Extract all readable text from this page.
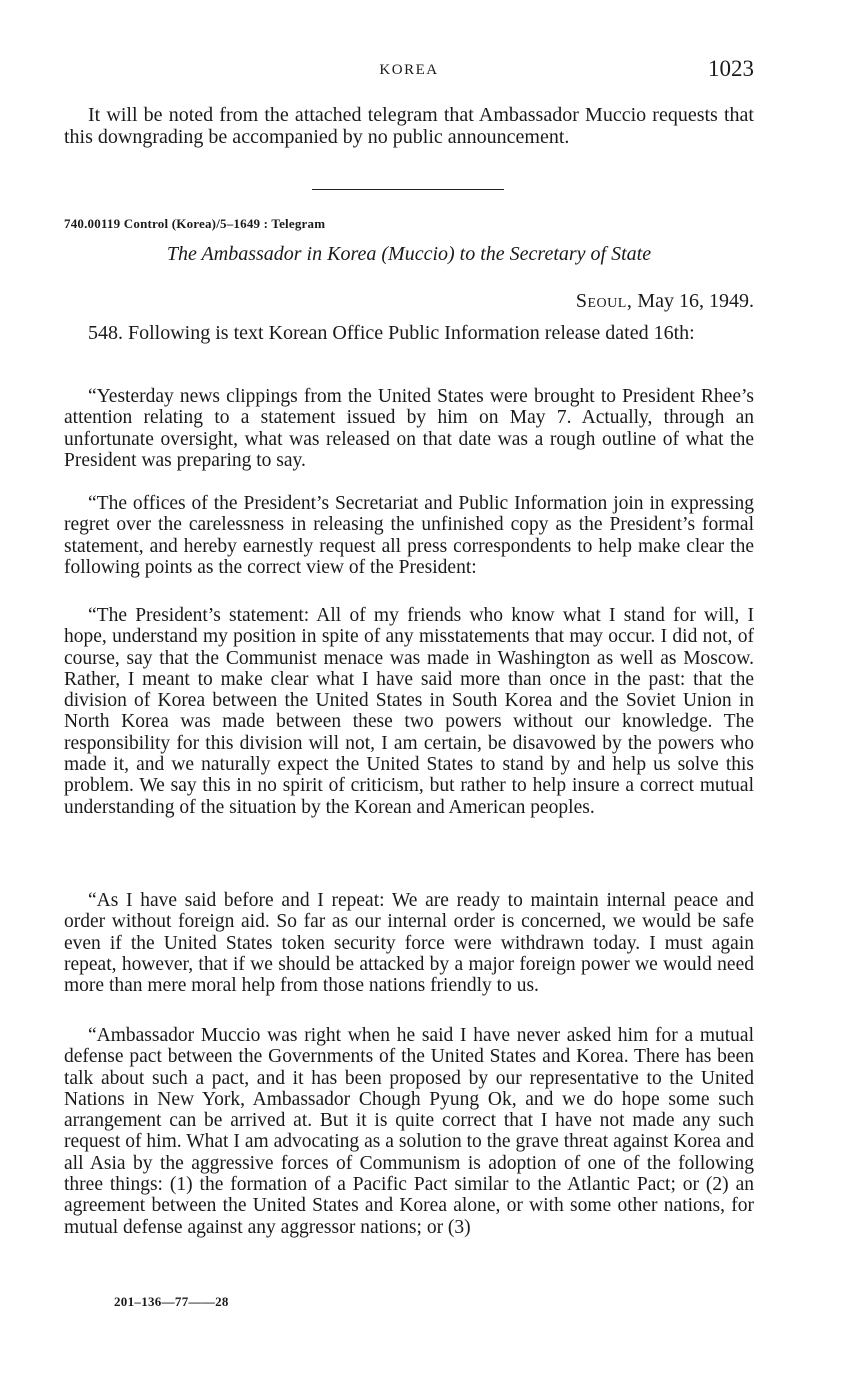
KOREA	1023

It will be noted from the attached telegram that Ambassador Muccio requests that this downgrading be accompanied by no public announcement.

740.00119 Control (Korea)/5–1649 : Telegram
The Ambassador in Korea (Muccio) to the Secretary of State
Seoul, May 16, 1949.

548. Following is text Korean Office Public Information release dated 16th:

“Yesterday news clippings from the United States were brought to President Rhee’s attention relating to a statement issued by him on May 7. Actually, through an unfortunate oversight, what was released on that date was a rough outline of what the President was preparing to say.

“The offices of the President’s Secretariat and Public Information join in expressing regret over the carelessness in releasing the unfinished copy as the President’s formal statement, and hereby earnestly request all press correspondents to help make clear the following points as the correct view of the President:

“The President’s statement: All of my friends who know what I stand for will, I hope, understand my position in spite of any misstatements that may occur. I did not, of course, say that the Communist menace was made in Washington as well as Moscow. Rather, I meant to make clear what I have said more than once in the past: that the division of Korea between the United States in South Korea and the Soviet Union in North Korea was made between these two powers without our knowledge. The responsibility for this division will not, I am certain, be disavowed by the powers who made it, and we naturally expect the United States to stand by and help us solve this problem. We say this in no spirit of criticism, but rather to help insure a correct mutual understanding of the situation by the Korean and American peoples.

“As I have said before and I repeat: We are ready to maintain internal peace and order without foreign aid. So far as our internal order is concerned, we would be safe even if the United States token security force were withdrawn today. I must again repeat, however, that if we should be attacked by a major foreign power we would need more than mere moral help from those nations friendly to us.

“Ambassador Muccio was right when he said I have never asked him for a mutual defense pact between the Governments of the United States and Korea. There has been talk about such a pact, and it has been proposed by our representative to the United Nations in New York, Ambassador Chough Pyung Ok, and we do hope some such arrangement can be arrived at. But it is quite correct that I have not made any such request of him. What I am advocating as a solution to the grave threat against Korea and all Asia by the aggressive forces of Communism is adoption of one of the following three things: (1) the formation of a Pacific Pact similar to the Atlantic Pact; or (2) an agreement between the United States and Korea alone, or with some other nations, for mutual defense against any aggressor nations; or (3)

201–136—77——28
